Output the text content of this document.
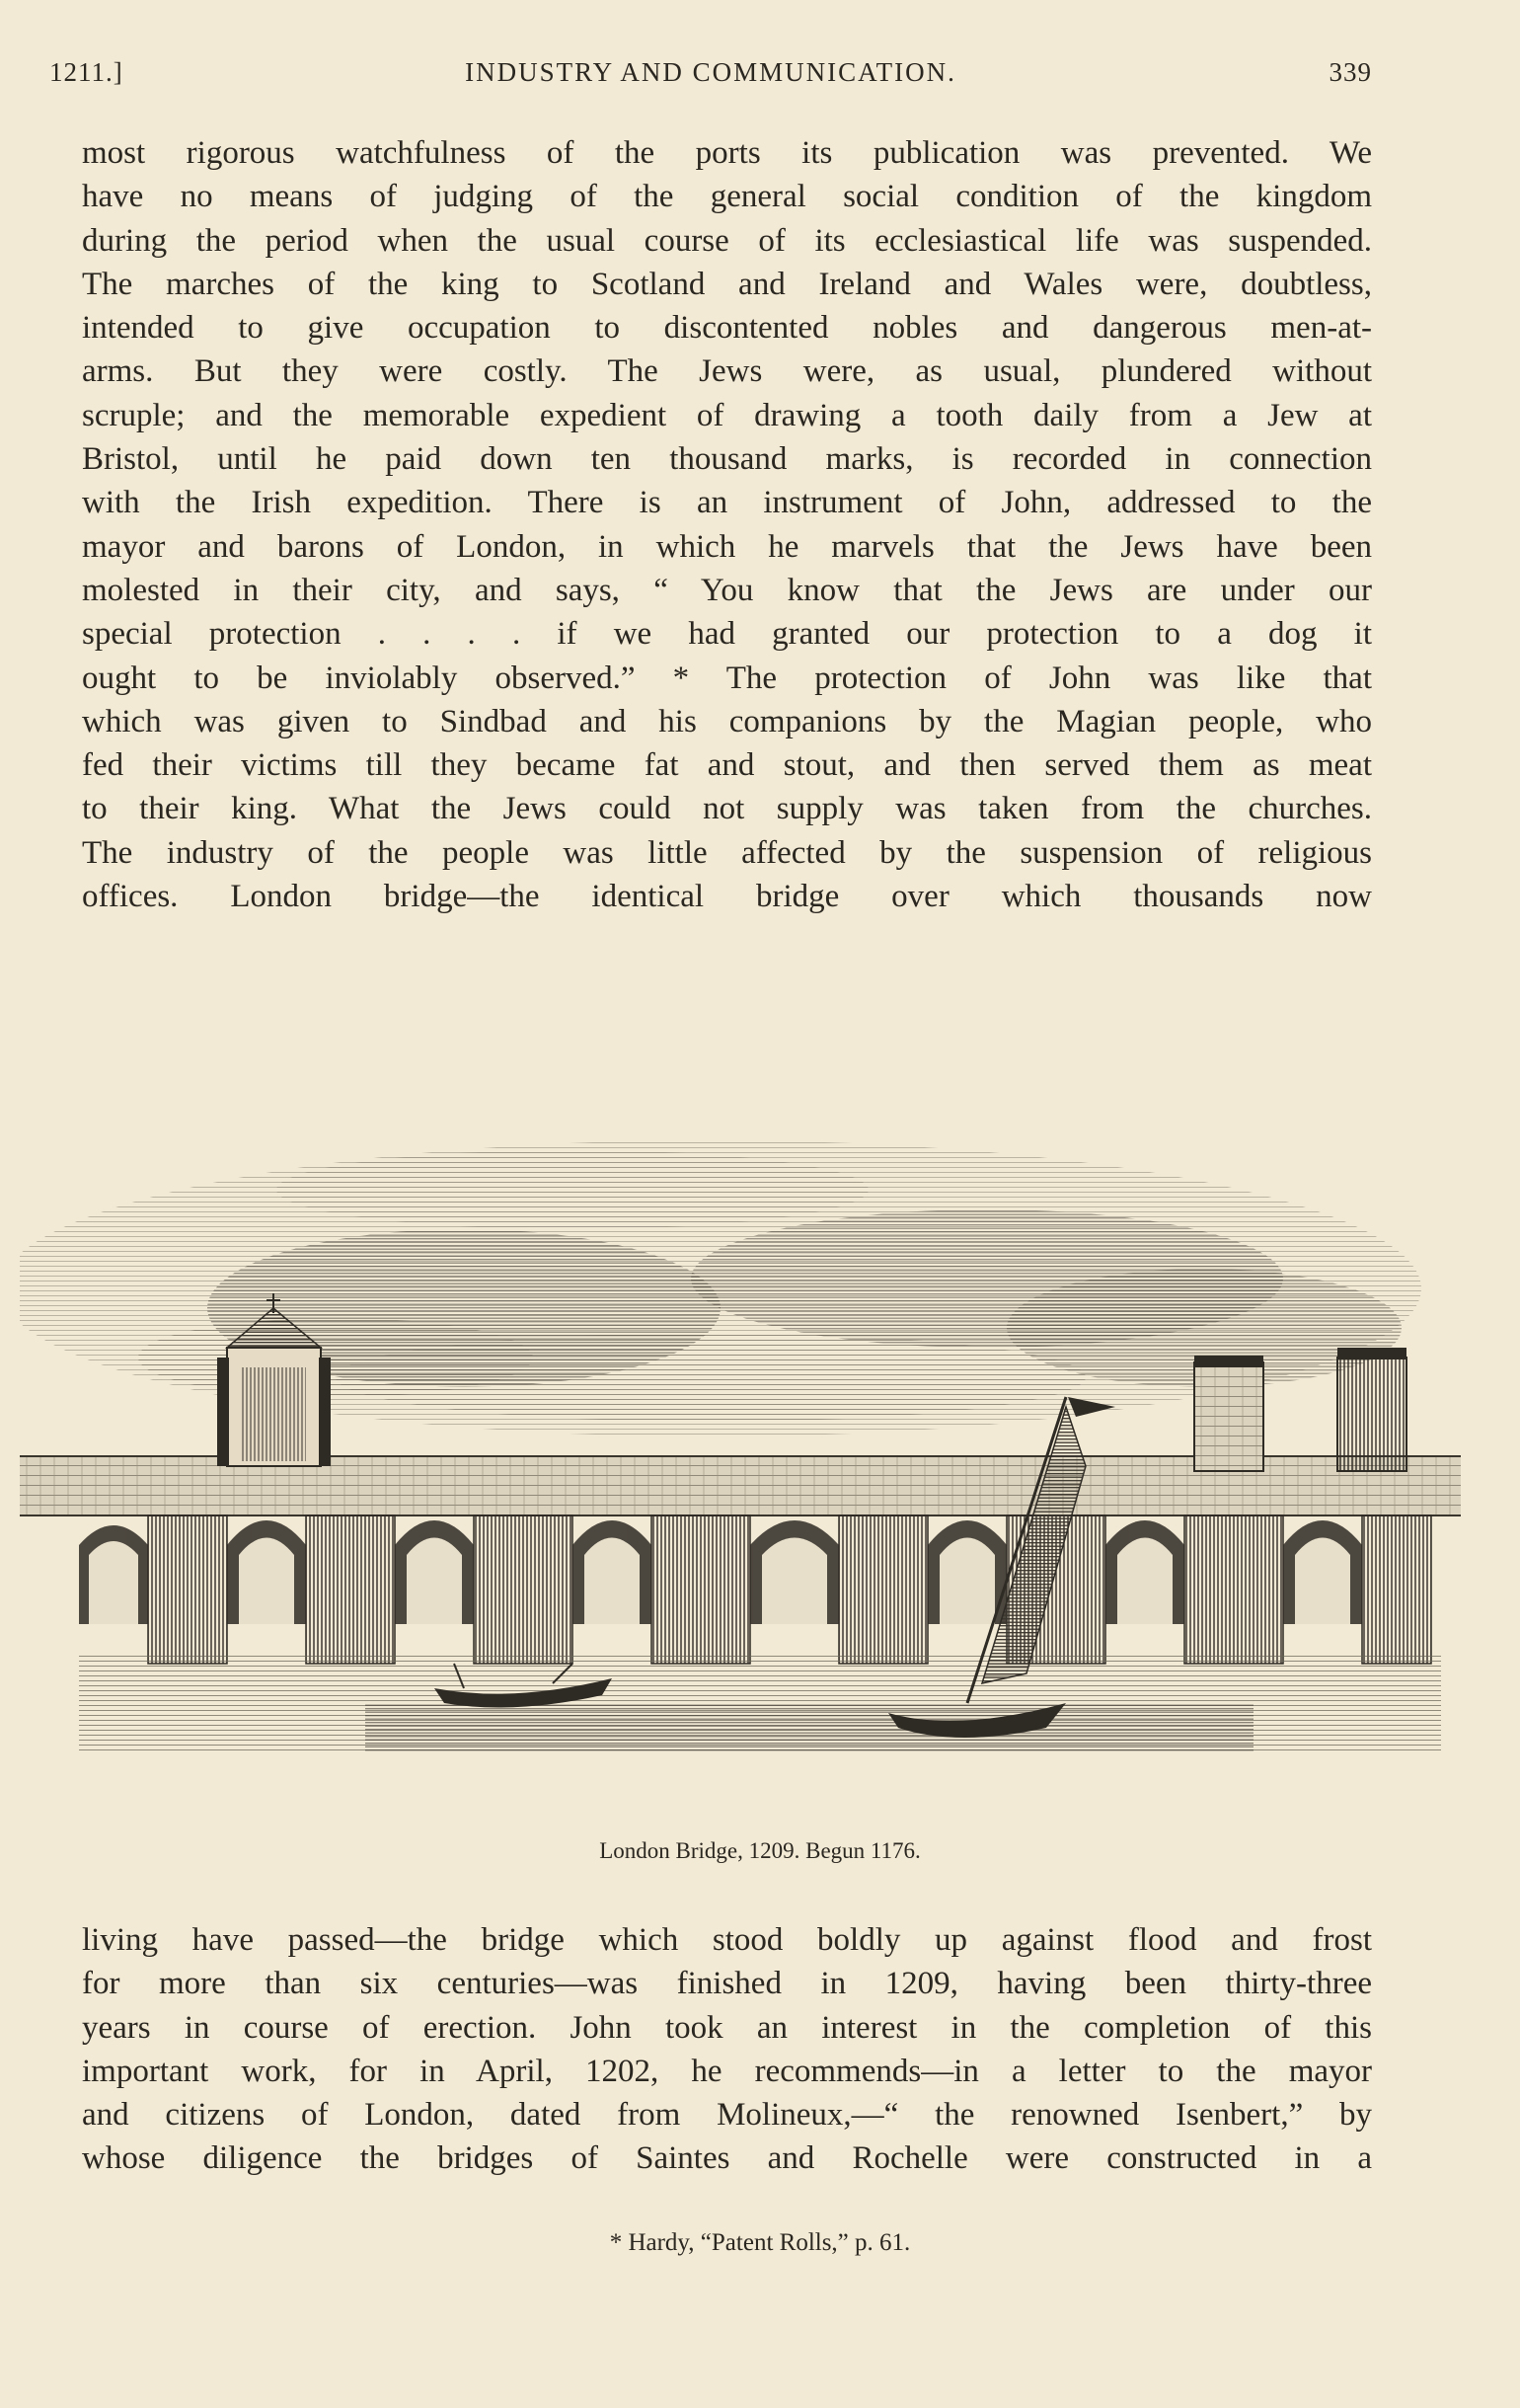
1211.]	INDUSTRY AND COMMUNICATION.	339
most rigorous watchfulness of the ports its publication was prevented. We
have no means of judging of the general social condition of the kingdom
during the period when the usual course of its ecclesiastical life was suspended.
The marches of the king to Scotland and Ireland and Wales were, doubtless,
intended to give occupation to discontented nobles and dangerous men-at-
arms. But they were costly. The Jews were, as usual, plundered without
scruple; and the memorable expedient of drawing a tooth daily from a Jew at
Bristol, until he paid down ten thousand marks, is recorded in connection
with the Irish expedition. There is an instrument of John, addressed to the
mayor and barons of London, in which he marvels that the Jews have been
molested in their city, and says, “ You know that the Jews are under our
special protection . . . . if we had granted our protection to a dog it
ought to be inviolably observed.” * The protection of John was like that
which was given to Sindbad and his companions by the Magian people, who
fed their victims till they became fat and stout, and then served them as meat
to their king. What the Jews could not supply was taken from the churches.
The industry of the people was little affected by the suspension of religious
offices. London bridge—the identical bridge over which thousands now
London Bridge, 1209. Begun 1176.
living have passed—the bridge which stood boldly up against flood and frost
for more than six centuries—was finished in 1209, having been thirty-three
years in course of erection. John took an interest in the completion of this
important work, for in April, 1202, he recommends—in a letter to the mayor
and citizens of London, dated from Molineux,—“ the renowned Isenbert,” by
whose diligence the bridges of Saintes and Rochelle were constructed in a
* Hardy, “Patent Rolls,” p. 61.
